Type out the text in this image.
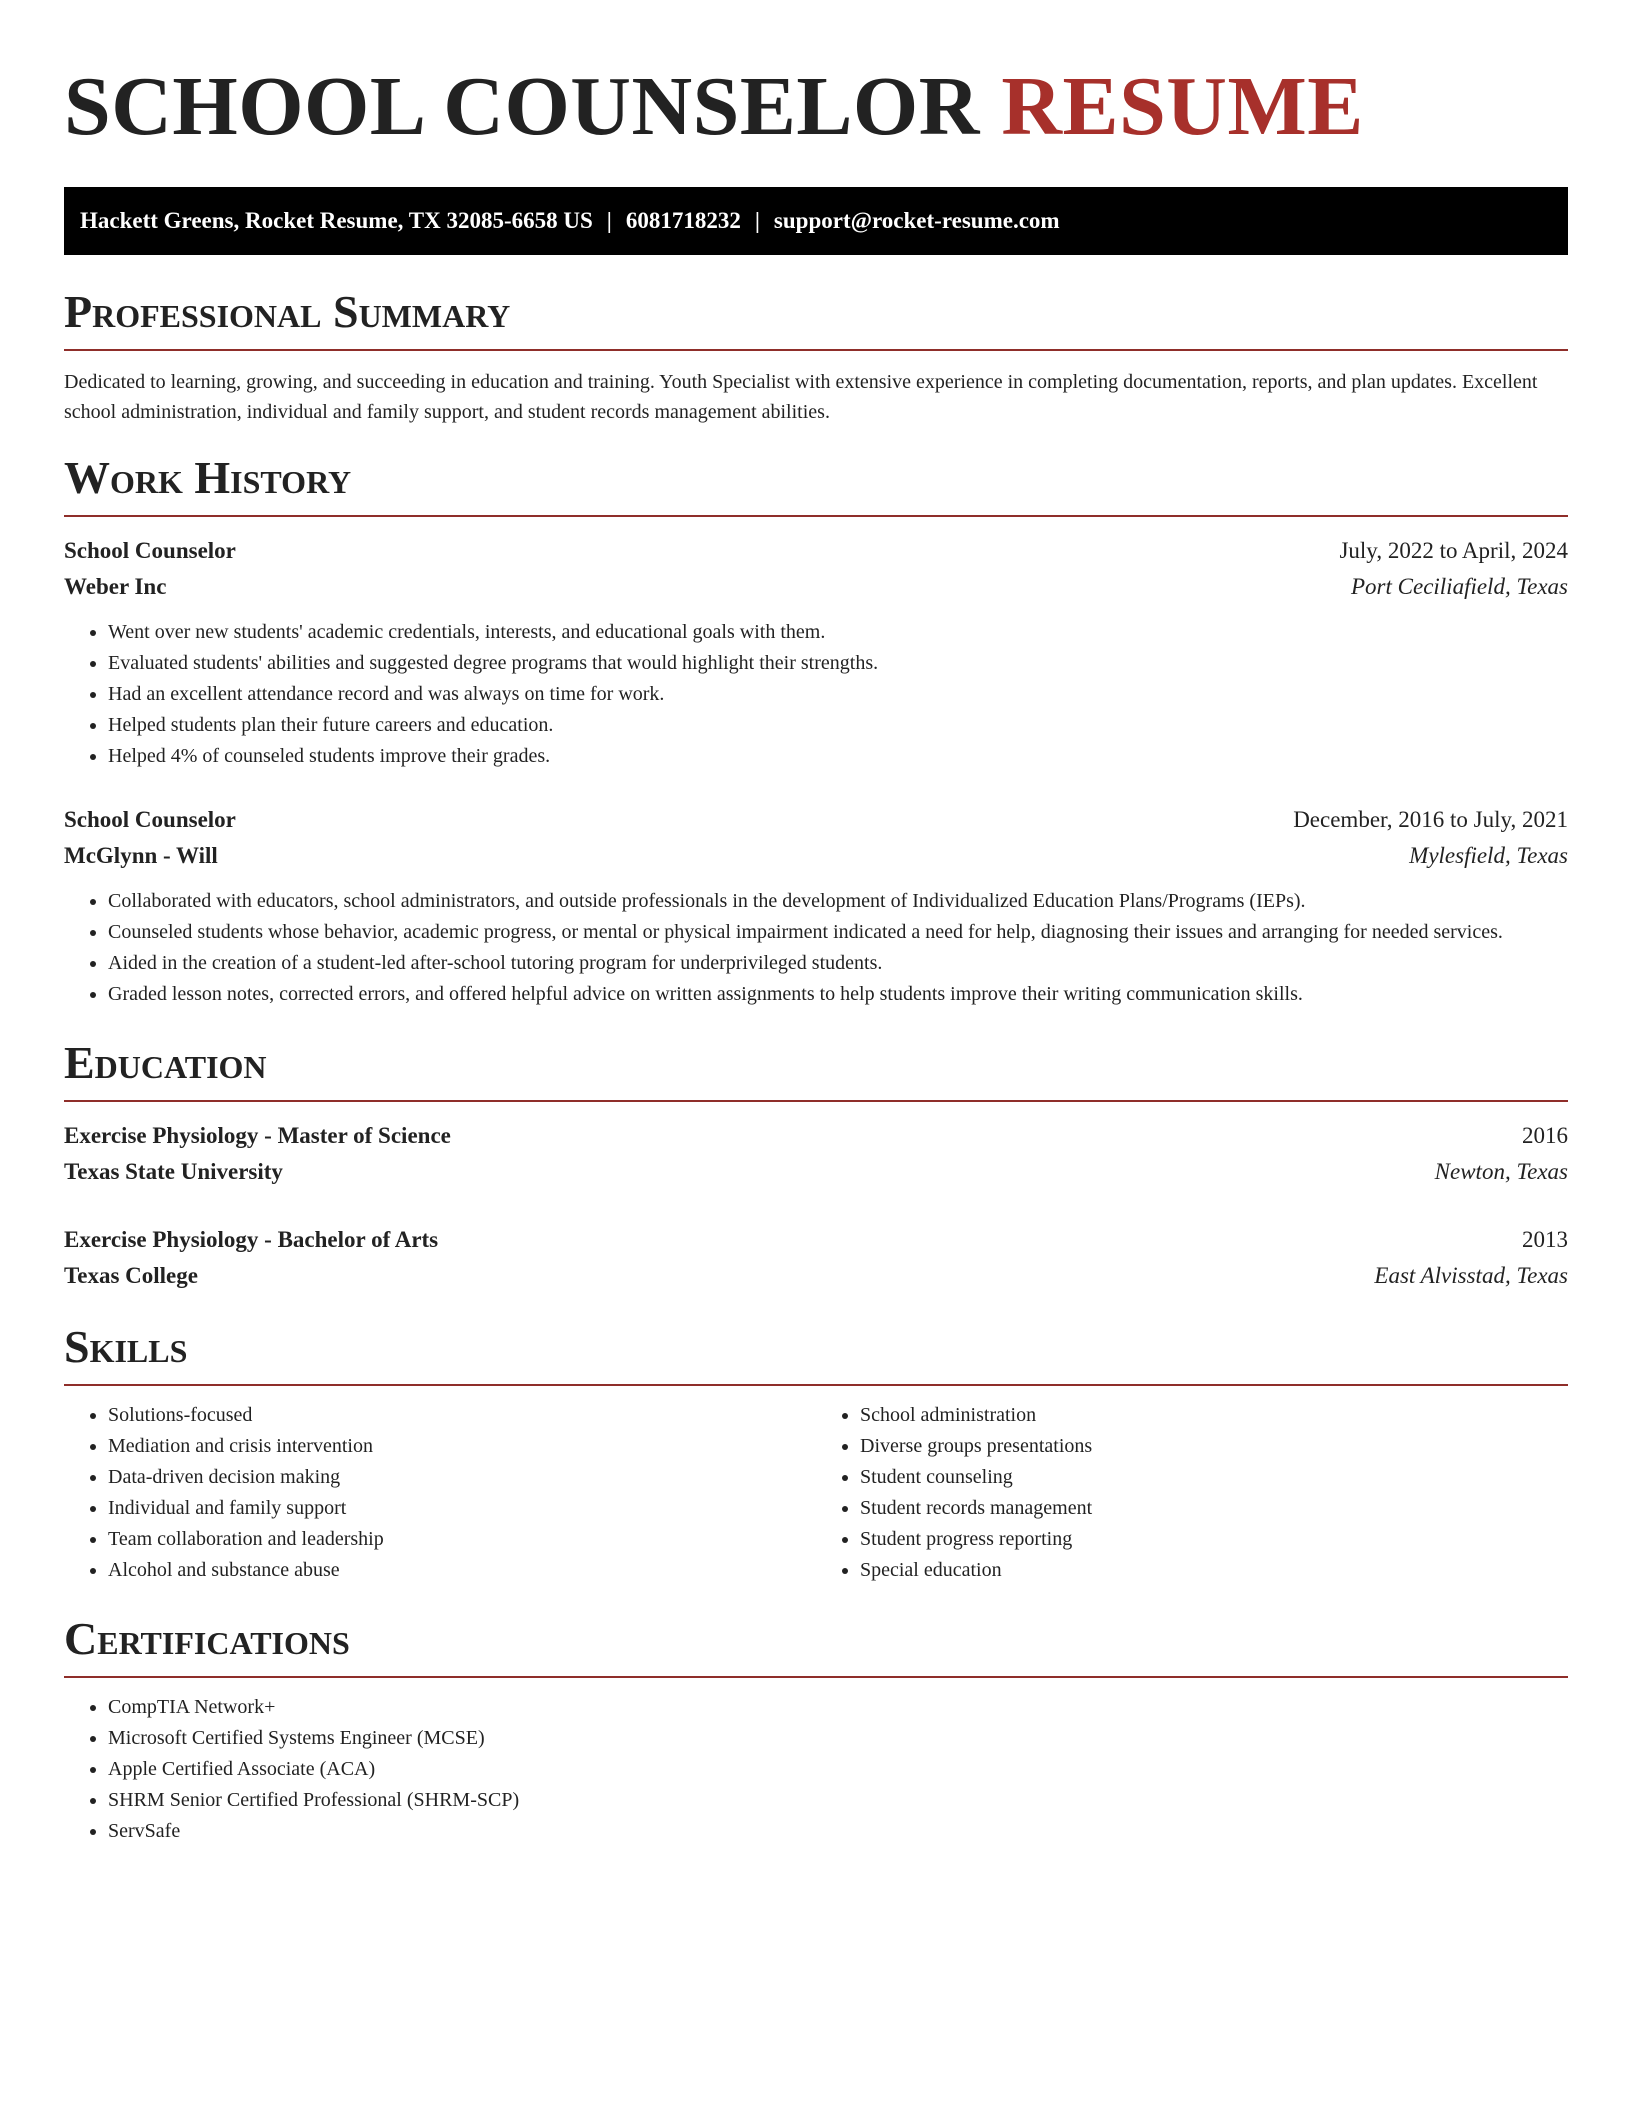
SCHOOL COUNSELOR RESUME
Hackett Greens, Rocket Resume, TX 32085-6658 US | 6081718232 | support@rocket-resume.com
Professional Summary

Dedicated to learning, growing, and succeeding in education and training. Youth Specialist with extensive experience in completing documentation, reports, and plan updates. Excellent school administration, individual and family support, and student records management abilities.

Work History
School Counselor	July, 2022 to April, 2024
Weber Inc	Port Ceciliafield, Texas
• Went over new students' academic credentials, interests, and educational goals with them.
• Evaluated students' abilities and suggested degree programs that would highlight their strengths.
• Had an excellent attendance record and was always on time for work.
• Helped students plan their future careers and education.
• Helped 4% of counseled students improve their grades.
School Counselor	December, 2016 to July, 2021
McGlynn - Will	Mylesfield, Texas
• Collaborated with educators, school administrators, and outside professionals in the development of Individualized Education Plans/Programs (IEPs).
• Counseled students whose behavior, academic progress, or mental or physical impairment indicated a need for help, diagnosing their issues and arranging for needed services.
• Aided in the creation of a student-led after-school tutoring program for underprivileged students.
• Graded lesson notes, corrected errors, and offered helpful advice on written assignments to help students improve their writing communication skills.
Education
Exercise Physiology - Master of Science	2016
Texas State University	Newton, Texas
Exercise Physiology - Bachelor of Arts	2013
Texas College	East Alvisstad, Texas
Skills
• Solutions-focused
• Mediation and crisis intervention
• Data-driven decision making
• Individual and family support
• Team collaboration and leadership
• Alcohol and substance abuse
• School administration
• Diverse groups presentations
• Student counseling
• Student records management
• Student progress reporting
• Special education
Certifications
• CompTIA Network+
• Microsoft Certified Systems Engineer (MCSE)
• Apple Certified Associate (ACA)
• SHRM Senior Certified Professional (SHRM-SCP)
• ServSafe
